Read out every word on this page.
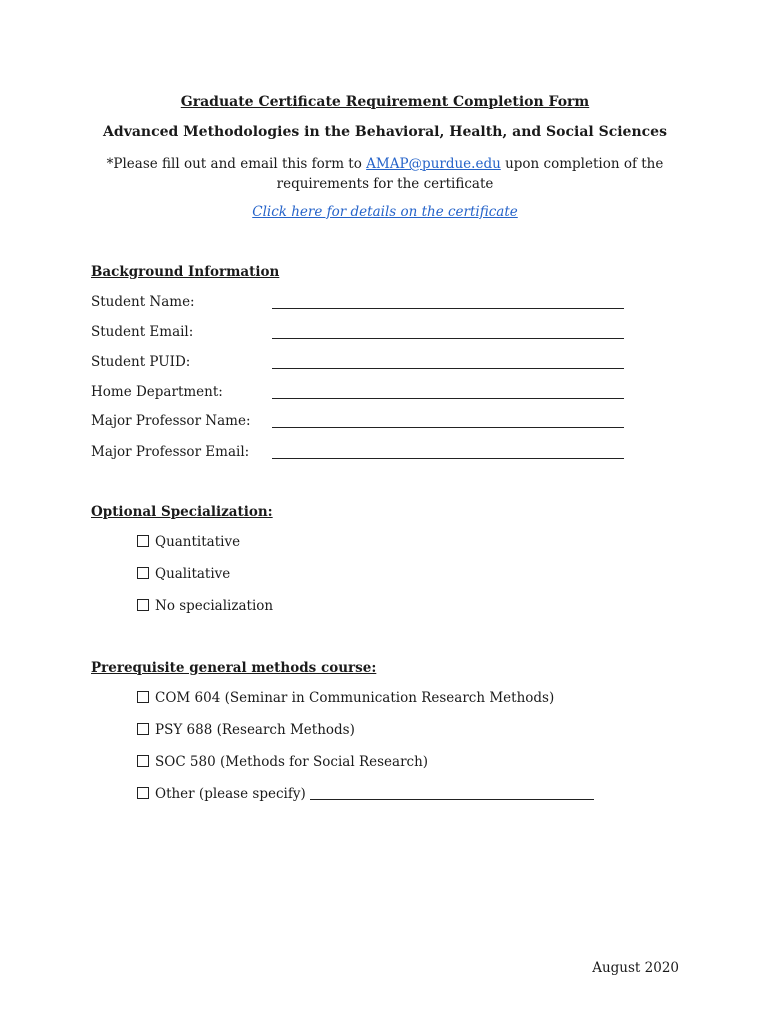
Graduate Certificate Requirement Completion Form
Advanced Methodologies in the Behavioral, Health, and Social Sciences
*Please fill out and email this form to AMAP@purdue.edu upon completion of the requirements for the certificate
Click here for details on the certificate
Background Information
Student Name:
Student Email:
Student PUID:
Home Department:
Major Professor Name:
Major Professor Email:
Optional Specialization:
Quantitative
Qualitative
No specialization
Prerequisite general methods course:
COM 604 (Seminar in Communication Research Methods)
PSY 688 (Research Methods)
SOC 580 (Methods for Social Research)
Other (please specify)
August 2020
